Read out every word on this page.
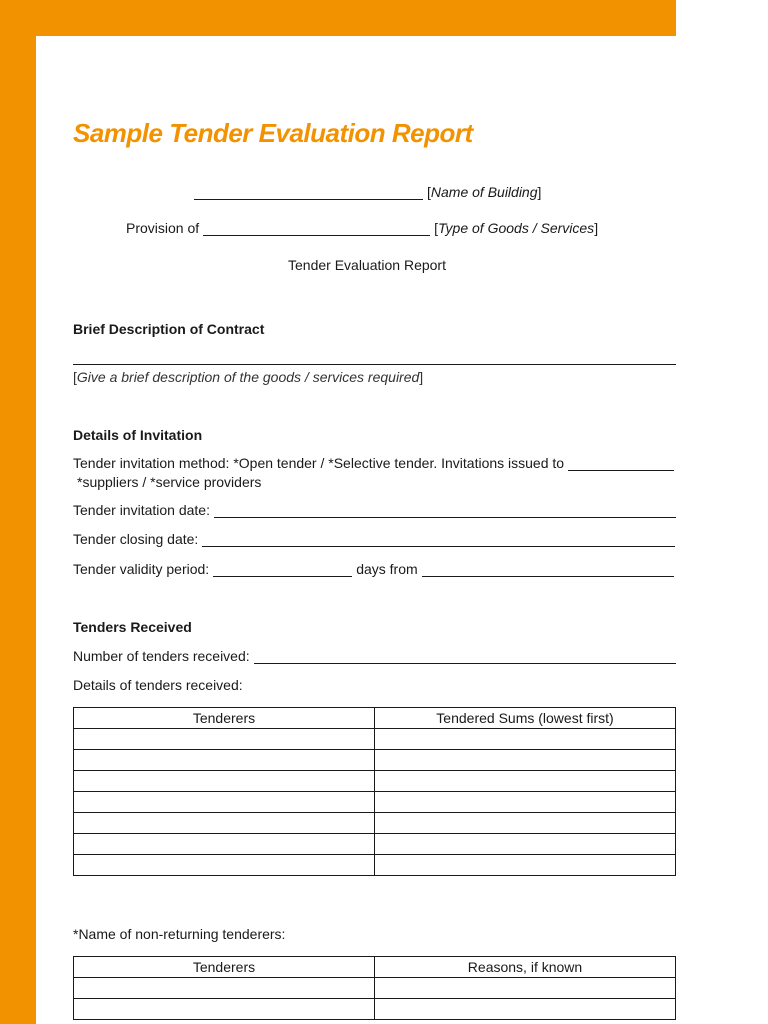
Sample Tender Evaluation Report
[ Name of Building ]
Provision of	[ Type of Goods / Services ]
Tender Evaluation Report
Brief Description of Contract
[Give a brief description of the goods / services required]
Details of Invitation
Tender invitation method: *Open tender / *Selective tender. Invitations issued to
*suppliers / *service providers
Tender invitation date:
Tender closing date:
Tender validity period:	days from
Tenders Received
Number of tenders received:
Details of tenders received:
Tenderers	Tendered Sums (lowest first)

*Name of non-returning tenderers:
Tenderers	Reasons, if known
